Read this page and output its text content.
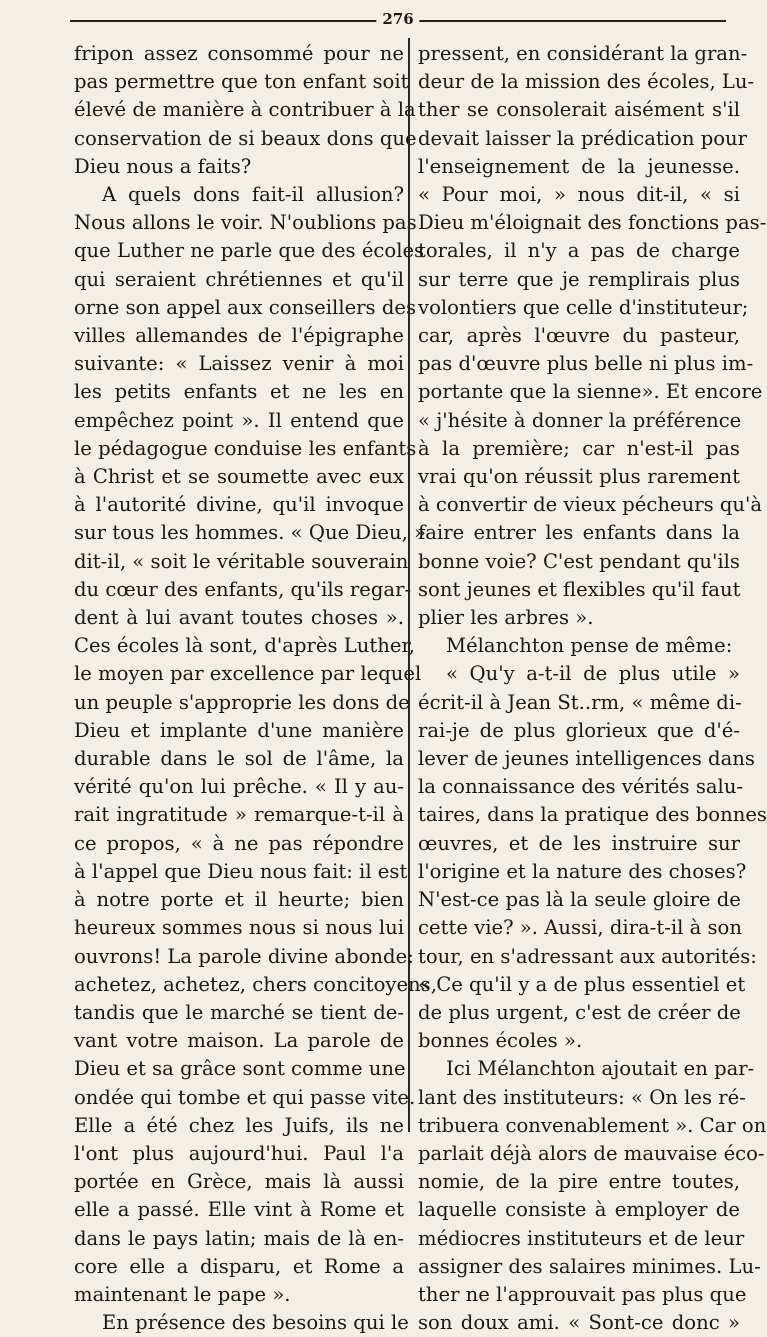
276
fripon assez consommé pour ne
pas permettre que ton enfant soit
élevé de manière à contribuer à la
conservation de si beaux dons que
Dieu nous a faits?
A quels dons fait-il allusion?
Nous allons le voir. N'oublions pas
que Luther ne parle que des écoles
qui seraient chrétiennes et qu'il
orne son appel aux conseillers des
villes allemandes de l'épigraphe
suivante: « Laissez venir à moi
les petits enfants et ne les en
empêchez point ». Il entend que
le pédagogue conduise les enfants
à Christ et se soumette avec eux
à l'autorité divine, qu'il invoque
sur tous les hommes. « Que Dieu, »
dit-il, « soit le véritable souverain
du cœur des enfants, qu'ils regar-
dent à lui avant toutes choses ».
Ces écoles là sont, d'après Luther,
le moyen par excellence par lequel
un peuple s'approprie les dons de
Dieu et implante d'une manière
durable dans le sol de l'âme, la
vérité qu'on lui prêche. « Il y au-
rait ingratitude » remarque-t-il à
ce propos, « à ne pas répondre
à l'appel que Dieu nous fait: il est
à notre porte et il heurte; bien
heureux sommes nous si nous lui
ouvrons! La parole divine abonde:
achetez, achetez, chers concitoyens,
tandis que le marché se tient de-
vant votre maison. La parole de
Dieu et sa grâce sont comme une
ondée qui tombe et qui passe vite.
Elle a été chez les Juifs, ils ne
l'ont plus aujourd'hui. Paul l'a
portée en Grèce, mais là aussi
elle a passé. Elle vint à Rome et
dans le pays latin; mais de là en-
core elle a disparu, et Rome a
maintenant le pape ».
En présence des besoins qui le
pressent, en considérant la gran-
deur de la mission des écoles, Lu-
ther se consolerait aisément s'il
devait laisser la prédication pour
l'enseignement de la jeunesse.
« Pour moi, » nous dit-il, « si
Dieu m'éloignait des fonctions pas-
torales, il n'y a pas de charge
sur terre que je remplirais plus
volontiers que celle d'instituteur;
car, après l'œuvre du pasteur,
pas d'œuvre plus belle ni plus im-
portante que la sienne». Et encore
« j'hésite à donner la préférence
à la première; car n'est-il pas
vrai qu'on réussit plus rarement
à convertir de vieux pécheurs qu'à
faire entrer les enfants dans la
bonne voie? C'est pendant qu'ils
sont jeunes et flexibles qu'il faut
plier les arbres ».
Mélanchton pense de même:
« Qu'y a-t-il de plus utile »
écrit-il à Jean St..rm, « même di-
rai-je de plus glorieux que d'é-
lever de jeunes intelligences dans
la connaissance des vérités salu-
taires, dans la pratique des bonnes
œuvres, et de les instruire sur
l'origine et la nature des choses?
N'est-ce pas là la seule gloire de
cette vie? ». Aussi, dira-t-il à son
tour, en s'adressant aux autorités:
« Ce qu'il y a de plus essentiel et
de plus urgent, c'est de créer de
bonnes écoles ».
Ici Mélanchton ajoutait en par-
lant des instituteurs: « On les ré-
tribuera convenablement ». Car on
parlait déjà alors de mauvaise éco-
nomie, de la pire entre toutes,
laquelle consiste à employer de
médiocres instituteurs et de leur
assigner des salaires minimes. Lu-
ther ne l'approuvait pas plus que
son doux ami. « Sont-ce donc »
